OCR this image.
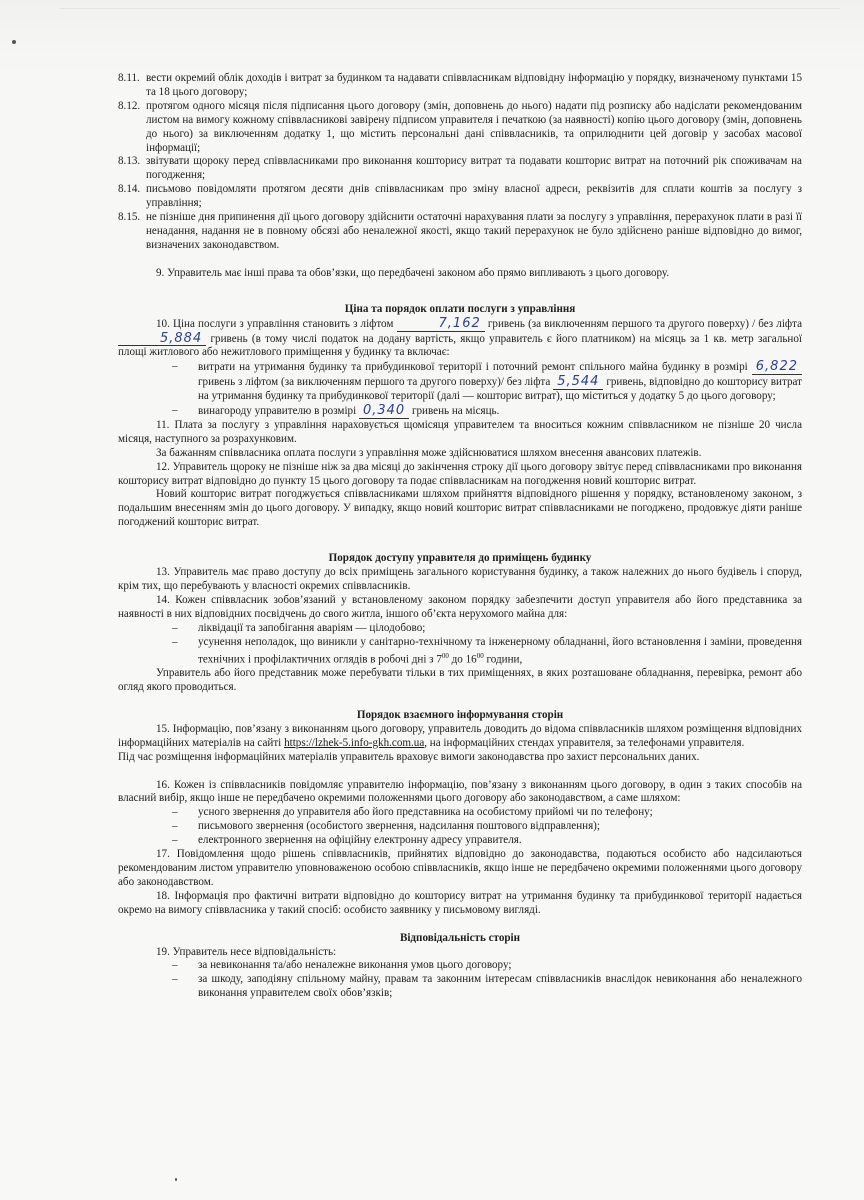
8.11. вести окремий облік доходів і витрат за будинком та надавати співвласникам відповідну інформацію у порядку, визначеному пунктами 15 та 18 цього договору;
8.12. протягом одного місяця після підписання цього договору (змін, доповнень до нього) надати під розписку або надіслати рекомендованим листом на вимогу кожному співвласникові завірену підписом управителя і печаткою (за наявності) копію цього договору (змін, доповнень до нього) за виключенням додатку 1, що містить персональні дані співвласників, та оприлюднити цей договір у засобах масової інформації;
8.13. звітувати щороку перед співвласниками про виконання кошторису витрат та подавати кошторис витрат на поточний рік споживачам на погодження;
8.14. письмово повідомляти протягом десяти днів співвласникам про зміну власної адреси, реквізитів для сплати коштів за послугу з управління;
8.15. не пізніше дня припинення дії цього договору здійснити остаточні нарахування плати за послугу з управління, перерахунок плати в разі її ненадання, надання не в повному обсязі або неналежної якості, якщо такий перерахунок не було здійснено раніше відповідно до вимог, визначених законодавством.

9. Управитель має інші права та обов’язки, що передбачені законом або прямо випливають з цього договору.

Ціна та порядок оплати послуги з управління

10. Ціна послуги з управління становить з ліфтом	7,162 гривень (за виключенням першого та другого поверху) / без ліфта 5,884 гривень (в тому числі податок на додану вартість, якщо управитель є його платником) на місяць за 1 кв. метр загальної площі житлового або нежитлового приміщення у будинку та включає:

–	витрати на утримання будинку та прибудинкової території і поточний ремонт спільного майна будинку в розмірі 6,822 гривень з ліфтом (за виключенням першого та другого поверху)/ без ліфта 5,544 гривень, відповідно до кошторису витрат на утримання будинку та прибудинкової території (далі — кошторис витрат), що міститься у додатку 5 до цього договору;
–	винагороду управителю в розмірі 0,340 гривень на місяць.

11. Плата за послугу з управління нараховується щомісяця управителем та вноситься кожним співвласником не пізніше 20 числа місяця, наступного за розрахунковим.

За бажанням співвласника оплата послуги з управління може здійснюватися шляхом внесення авансових платежів.

12. Управитель щороку не пізніше ніж за два місяці до закінчення строку дії цього договору звітує перед співвласниками про виконання кошторису витрат відповідно до пункту 15 цього договору та подає співвласникам на погодження новий кошторис витрат.

Новий кошторис витрат погоджується співвласниками шляхом прийняття відповідного рішення у порядку, встановленому законом, з подальшим внесенням змін до цього договору. У випадку, якщо новий кошторис витрат співвласниками не погоджено, продовжує діяти раніше погоджений кошторис витрат.

Порядок доступу управителя до приміщень будинку

13. Управитель має право доступу до всіх приміщень загального користування будинку, а також належних до нього будівель і споруд, крім тих, що перебувають у власності окремих співвласників.

14. Кожен співвласник зобов’язаний у встановленому законом порядку забезпечити доступ управителя або його представника за наявності в них відповідних посвідчень до свого житла, іншого об’єкта нерухомого майна для:

–	ліквідації та запобігання аваріям — цілодобово;
–	усунення неполадок, що виникли у санітарно-технічному та інженерному обладнанні, його встановлення і заміни, проведення технічних і профілактичних оглядів в робочі дні з $7^{00}$ до $16^{00}$ години,

Управитель або його представник може перебувати тільки в тих приміщеннях, в яких розташоване обладнання, перевірка, ремонт або огляд якого проводиться.

Порядок взаємного інформування сторін

15. Інформацію, пов’язану з виконанням цього договору, управитель доводить до відома співвласників шляхом розміщення відповідних інформаційних матеріалів на сайті https://lzhek-5.info-gkh.com.ua, на інформаційних стендах управителя, за телефонами управителя.

Під час розміщення інформаційних матеріалів управитель враховує вимоги законодавства про захист персональних даних.

16. Кожен із співвласників повідомляє управителю інформацію, пов’язану з виконанням цього договору, в один з таких способів на власний вибір, якщо інше не передбачено окремими положеннями цього договору або законодавством, а саме шляхом:

–	усного звернення до управителя або його представника на особистому прийомі чи по телефону;
–	письмового звернення (особистого звернення, надсилання поштового відправлення);
–	електронного звернення на офіційну електронну адресу управителя.

17. Повідомлення щодо рішень співвласників, прийнятих відповідно до законодавства, подаються особисто або надсилаються рекомендованим листом управителю уповноваженою особою співвласників, якщо інше не передбачено окремими положеннями цього договору або законодавством.

18. Інформація про фактичні витрати відповідно до кошторису витрат на утримання будинку та прибудинкової території надається окремо на вимогу співвласника у такий спосіб: особисто заявнику у письмовому вигляді.

Відповідальність сторін

19. Управитель несе відповідальність:

–	за невиконання та/або неналежне виконання умов цього договору;
–	за шкоду, заподіяну спільному майну, правам та законним інтересам співвласників внаслідок невиконання або неналежного виконання управителем своїх обов’язків;
